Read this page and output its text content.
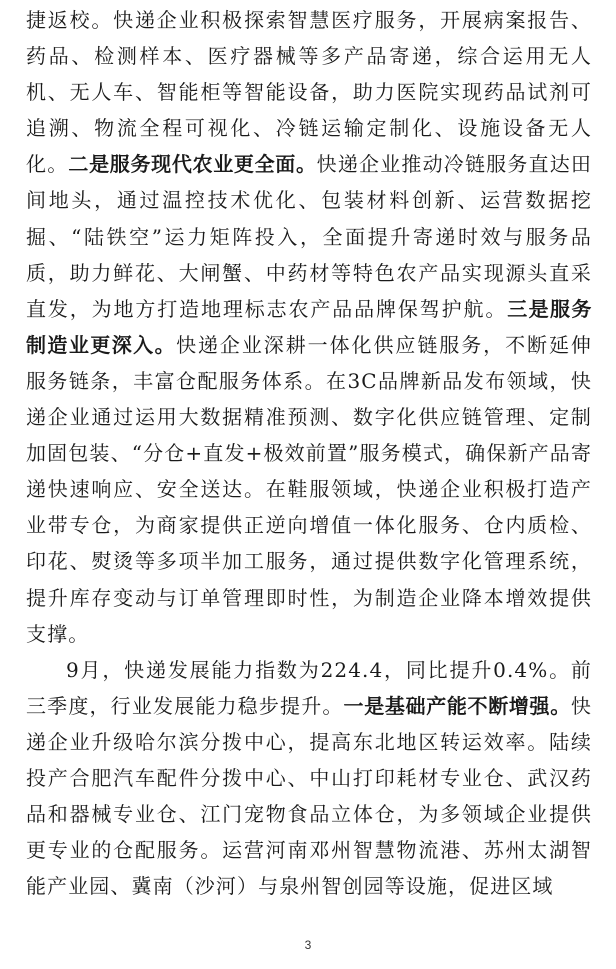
捷返校。快递企业积极探索智慧医疗服务，开展病案报告、药品、检测样本、医疗器械等多产品寄递，综合运用无人机、无人车、智能柜等智能设备，助力医院实现药品试剂可追溯、物流全程可视化、冷链运输定制化、设施设备无人化。二是服务现代农业更全面。快递企业推动冷链服务直达田间地头，通过温控技术优化、包装材料创新、运营数据挖掘、“陆铁空”运力矩阵投入，全面提升寄递时效与服务品质，助力鲜花、大闸蟹、中药材等特色农产品实现源头直采直发，为地方打造地理标志农产品品牌保驾护航。三是服务制造业更深入。快递企业深耕一体化供应链服务，不断延伸服务链条，丰富仓配服务体系。在3C品牌新品发布领域，快递企业通过运用大数据精准预测、数字化供应链管理、定制加固包装、“分仓+直发+极效前置”服务模式，确保新产品寄递快速响应、安全送达。在鞋服领域，快递企业积极打造产业带专仓，为商家提供正逆向增值一体化服务、仓内质检、印花、熨烫等多项半加工服务，通过提供数字化管理系统，提升库存变动与订单管理即时性，为制造企业降本增效提供支撑。

9月，快递发展能力指数为224.4，同比提升0.4%。前三季度，行业发展能力稳步提升。一是基础产能不断增强。快递企业升级哈尔滨分拨中心，提高东北地区转运效率。陆续投产合肥汽车配件分拨中心、中山打印耗材专业仓、武汉药品和器械专业仓、江门宠物食品立体仓，为多领域企业提供更专业的仓配服务。运营河南邓州智慧物流港、苏州太湖智能产业园、冀南（沙河）与泉州智创园等设施，促进区域

3
